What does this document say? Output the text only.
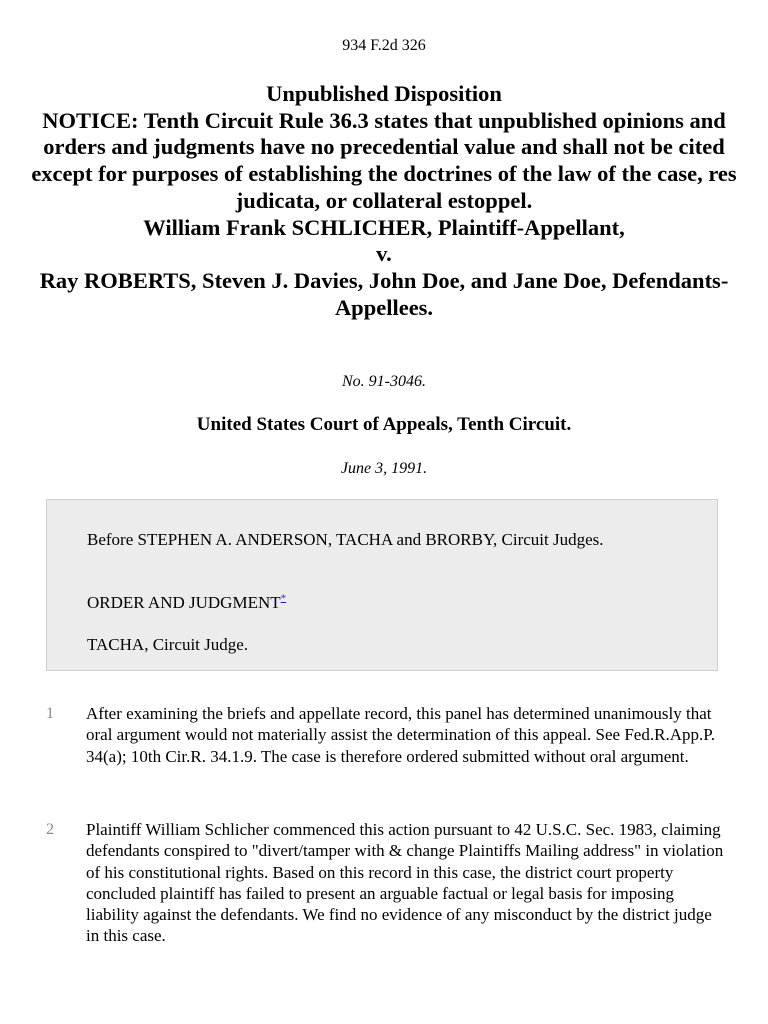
934 F.2d 326
Unpublished Disposition
NOTICE: Tenth Circuit Rule 36.3 states that unpublished opinions and orders and judgments have no precedential value and shall not be cited except for purposes of establishing the doctrines of the law of the case, res judicata, or collateral estoppel.
William Frank SCHLICHER, Plaintiff-Appellant,
v.
Ray ROBERTS, Steven J. Davies, John Doe, and Jane Doe, Defendants-Appellees.
No. 91-3046.
United States Court of Appeals, Tenth Circuit.
June 3, 1991.

Before STEPHEN A. ANDERSON, TACHA and BRORBY, Circuit Judges.

ORDER AND JUDGMENT*

TACHA, Circuit Judge.

1 After examining the briefs and appellate record, this panel has determined unanimously that oral argument would not materially assist the determination of this appeal. See Fed.R.App.P. 34(a); 10th Cir.R. 34.1.9. The case is therefore ordered submitted without oral argument.

2 Plaintiff William Schlicher commenced this action pursuant to 42 U.S.C. Sec. 1983, claiming defendants conspired to "divert/tamper with & change Plaintiffs Mailing address" in violation of his constitutional rights. Based on this record in this case, the district court property concluded plaintiff has failed to present an arguable factual or legal basis for imposing liability against the defendants. We find no evidence of any misconduct by the district judge in this case.
